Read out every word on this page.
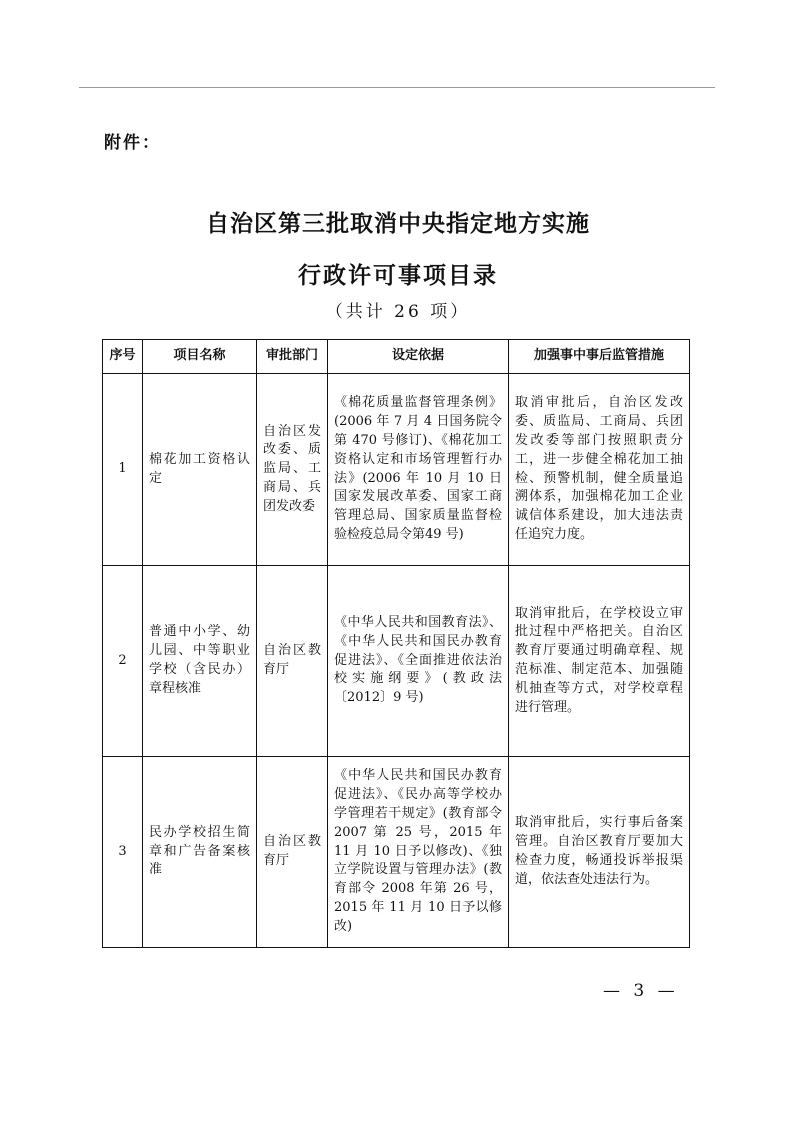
附件：
自治区第三批取消中央指定地方实施
行政许可事项目录
（共计 26 项）
序号	项目名称	审批部门	设定依据	加强事中事后监管措施
1	棉花加工资格认定	自治区发改委、质监局、工商局、兵团发改委	《棉花质量监督管理条例》(2006 年 7 月 4 日国务院令第 470 号修订)、《棉花加工资格认定和市场管理暂行办法》(2006 年 10 月 10 日国家发展改革委、国家工商管理总局、国家质量监督检验检疫总局令第49 号)	取消审批后，自治区发改委、质监局、工商局、兵团发改委等部门按照职责分工，进一步健全棉花加工抽检、预警机制，健全质量追溯体系，加强棉花加工企业诚信体系建设，加大违法责任追究力度。
2	普通中小学、幼儿园、中等职业学校（含民办）章程核准	自治区教育厅	《中华人民共和国教育法》、《中华人民共和国民办教育促进法》、《全面推进依法治校实施纲要》(教政法〔2012〕9 号)	取消审批后，在学校设立审批过程中严格把关。自治区教育厅要通过明确章程、规范标准、制定范本、加强随机抽查等方式，对学校章程进行管理。
3	民办学校招生简章和广告备案核准	自治区教育厅	《中华人民共和国民办教育促进法》、《民办高等学校办学管理若干规定》(教育部令 2007 第 25 号，2015 年 11 月 10 日予以修改)、《独立学院设置与管理办法》(教育部令 2008 年第 26 号，2015 年 11 月 10 日予以修改)	取消审批后，实行事后备案管理。自治区教育厅要加大检查力度，畅通投诉举报渠道，依法查处违法行为。
— 3 —
